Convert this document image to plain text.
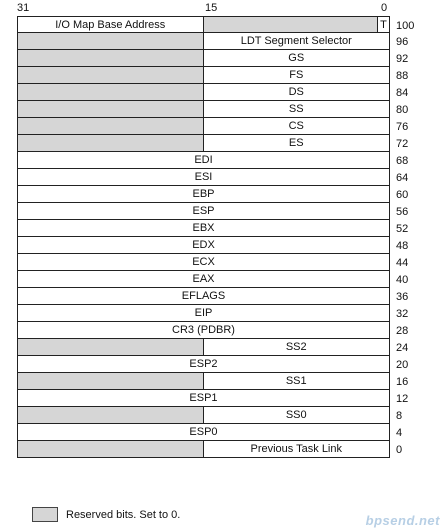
31	15	0
I/O Map Base Address	T 100
LDT Segment Selector	96
GS	92
FS	88
DS	84
SS	80
CS	76
ES	72
EDI	68
ESI	64
EBP	60
ESP	56
EBX	52
EDX	48
ECX	44
EAX	40
EFLAGS	36
EIP	32
CR3 (PDBR)	28
SS2	24
ESP2	20
SS1	16
ESP1	12
SS0	8
ESP0	4
Previous Task Link	0
Reserved bits. Set to 0.	bpsend.net
